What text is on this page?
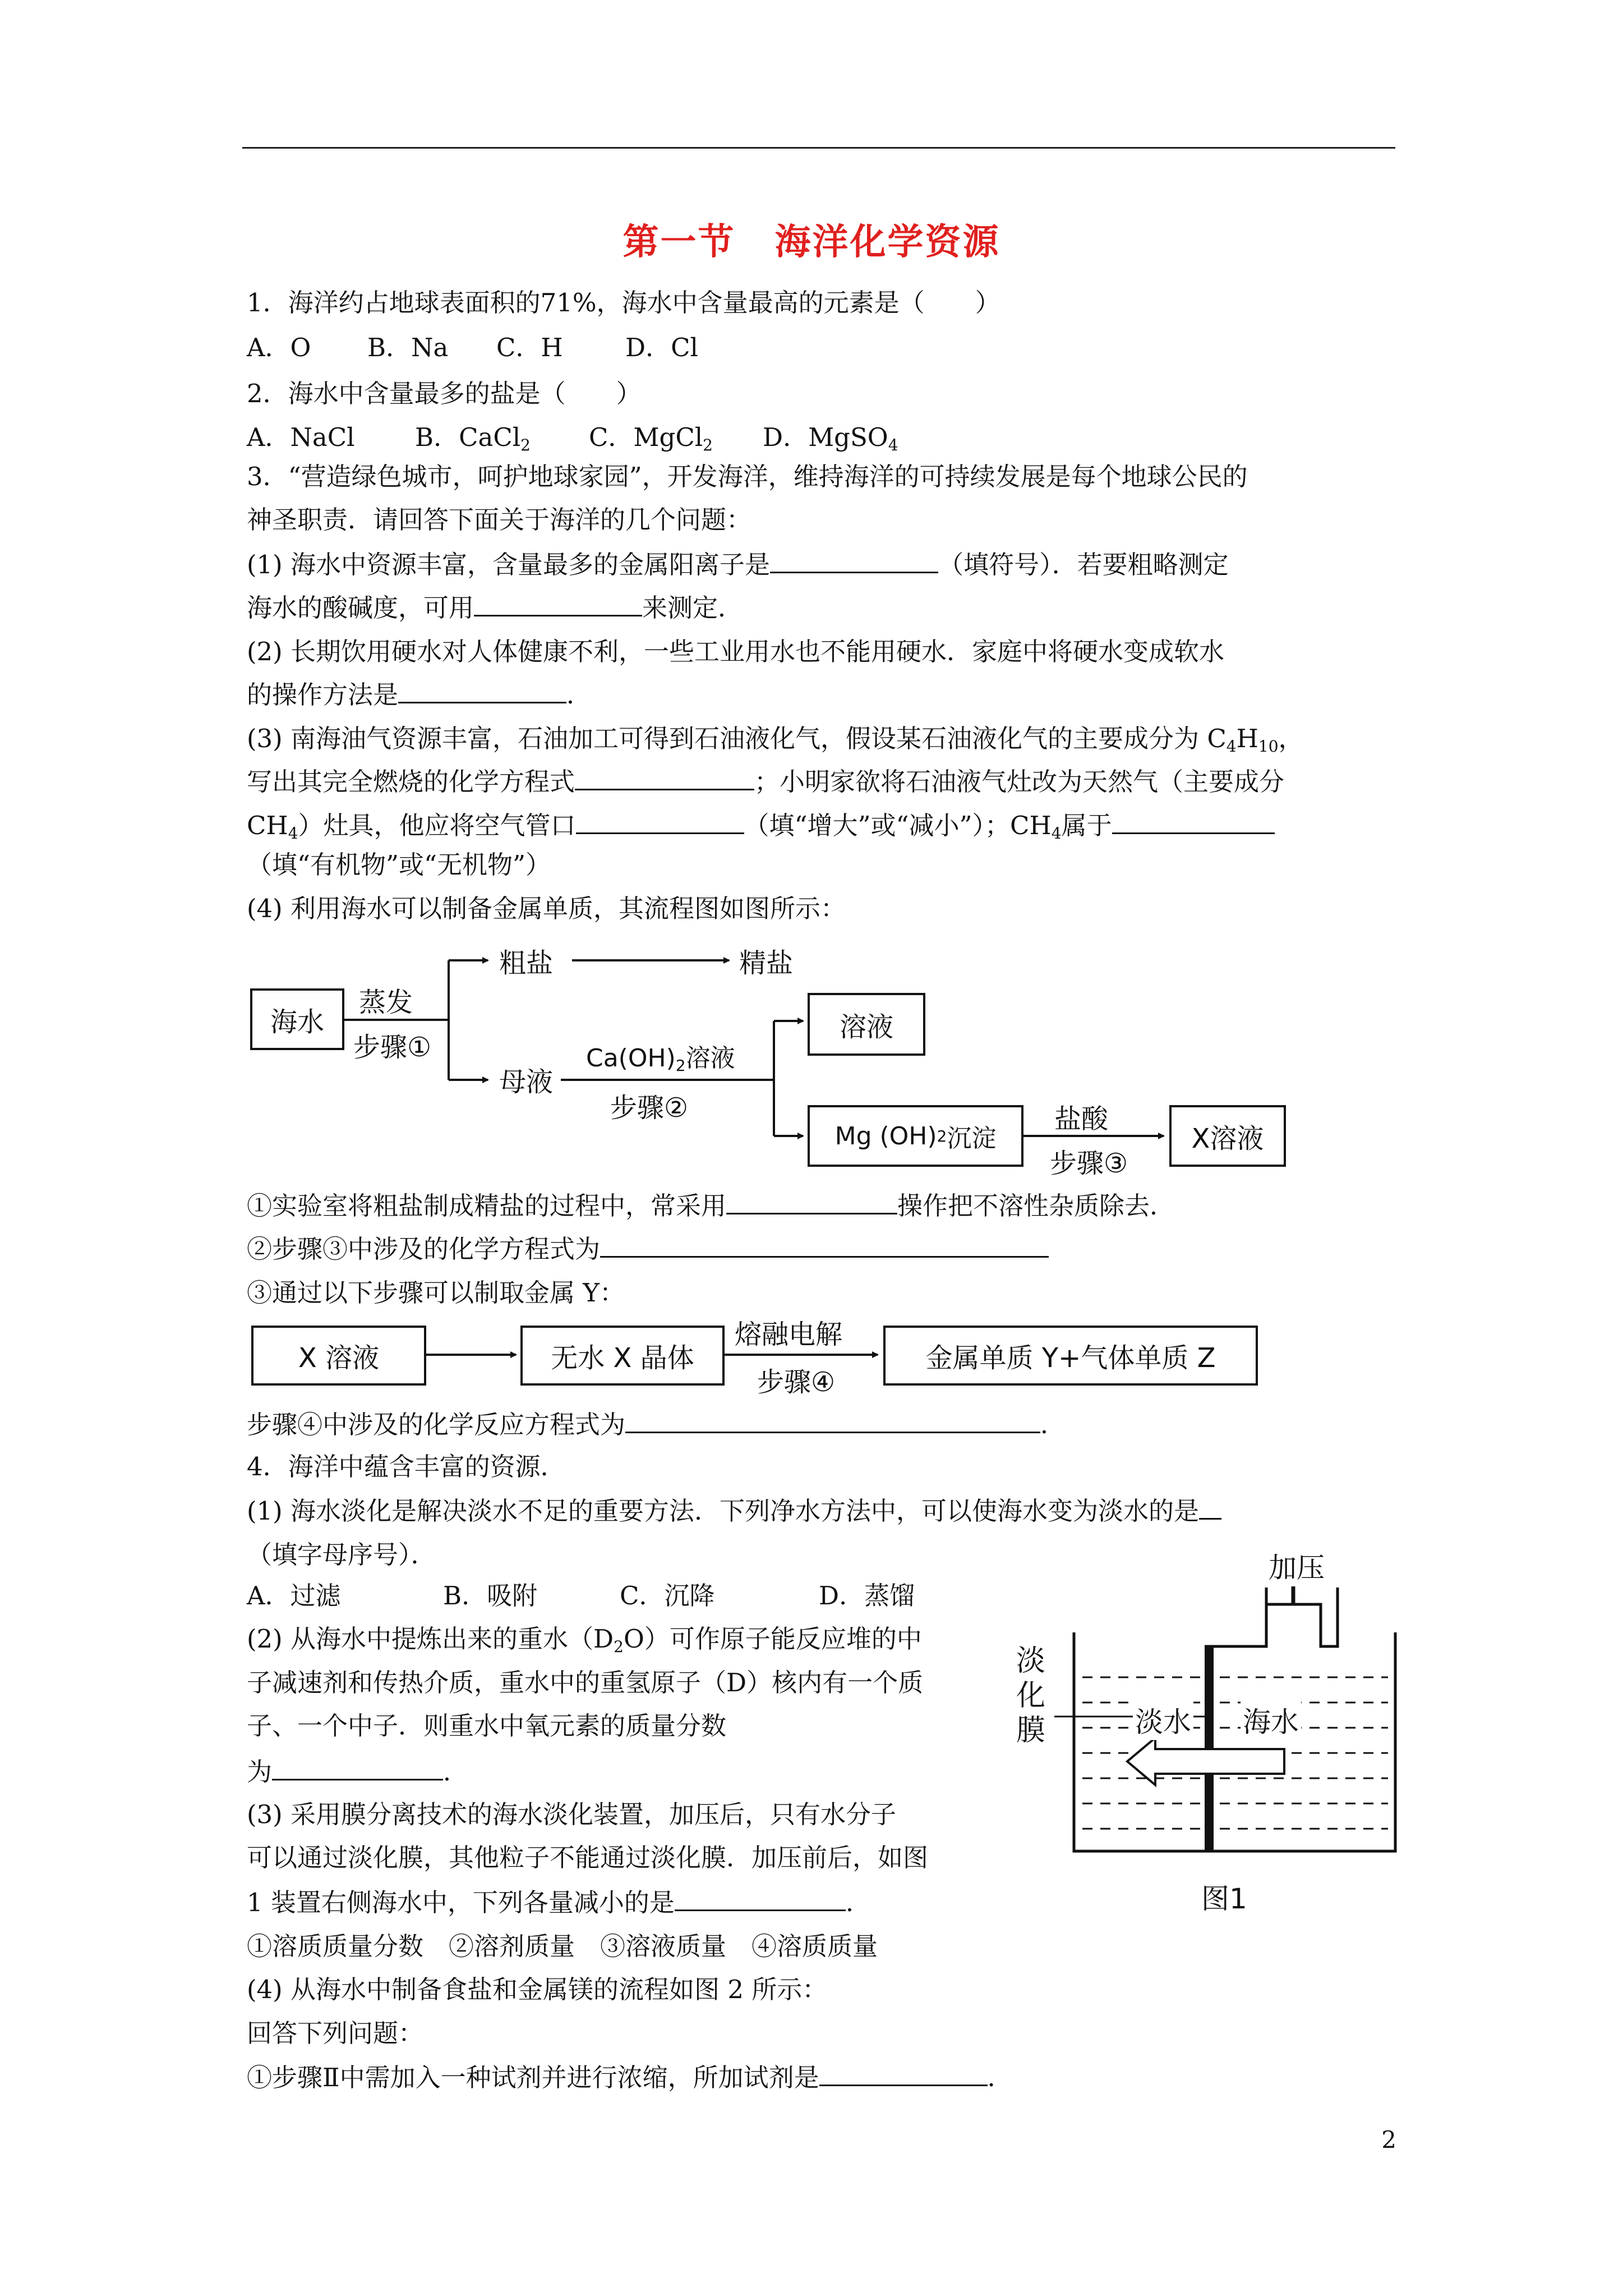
第一节 海洋化学资源
1．海洋约占地球表面积的71%，海水中含量最高的元素是（　　）
A．O B．Na C．H D．Cl
2．海水中含量最多的盐是（　　）
A．NaCl B．CaCl$_2$ C．MgCl$_2$ D．MgSO$_4$
3．“营造绿色城市，呵护地球家园”，开发海洋，维持海洋的可持续发展是每个地球公民的
神圣职责．请回答下面关于海洋的几个问题：
(1) 海水中资源丰富，含量最多的金属阳离子是	（填符号）．若要粗略测定
海水的酸碱度，可用	来测定．
(2) 长期饮用硬水对人体健康不利，一些工业用水也不能用硬水．家庭中将硬水变成软水
的操作方法是	．
(3) 南海油气资源丰富，石油加工可得到石油液化气，假设某石油液化气的主要成分为 $C_4H_{10}$，
写出其完全燃烧的化学方程式	；小明家欲将石油液气灶改为天然气（主要成分
$CH_4$）灶具，他应将空气管口	（填“增大”或“减小”）；$CH_4$属于
（填“有机物”或“无机物”）
(4) 利用海水可以制备金属单质，其流程图如图所示：
海水
蒸发
步骤①
粗盐	精盐
母液
$Ca(OH)_2$溶液
步骤②
溶液
Mg (OH) 2 沉淀
盐酸
步骤③
X溶液
①实验室将粗盐制成精盐的过程中，常采用	操作把不溶性杂质除去．
②步骤③中涉及的化学方程式为
③通过以下步骤可以制取金属 Y：
X 溶液	无水 X 晶体
熔融电解
步骤④
金属单质 Y+气体单质 Z
步骤④中涉及的化学反应方程式为	．
4．海洋中蕴含丰富的资源．
(1) 海水淡化是解决淡水不足的重要方法．下列净水方法中，可以使海水变为淡水的是
（填字母序号）．
A．过滤	B．吸附	C．沉降	D．蒸馏
(2) 从海水中提炼出来的重水$(D_2O)$可作原子能反应堆的中
子减速剂和传热介质，重水中的重氢原子（D）核内有一个质
子、一个中子．则重水中氧元素的质量分数
为	．
(3) 采用膜分离技术的海水淡化装置，加压后，只有水分子
可以通过淡化膜，其他粒子不能通过淡化膜．加压前后，如图
1 装置右侧海水中，下列各量减小的是	．
①溶质质量分数　②溶剂质量　③溶液质量　④溶质质量
(4) 从海水中制备食盐和金属镁的流程如图 2 所示：
回答下列问题：
①步骤Ⅱ中需加入一种试剂并进行浓缩，所加试剂是	．
加压
淡
化
膜	淡水 海水
图1
2
